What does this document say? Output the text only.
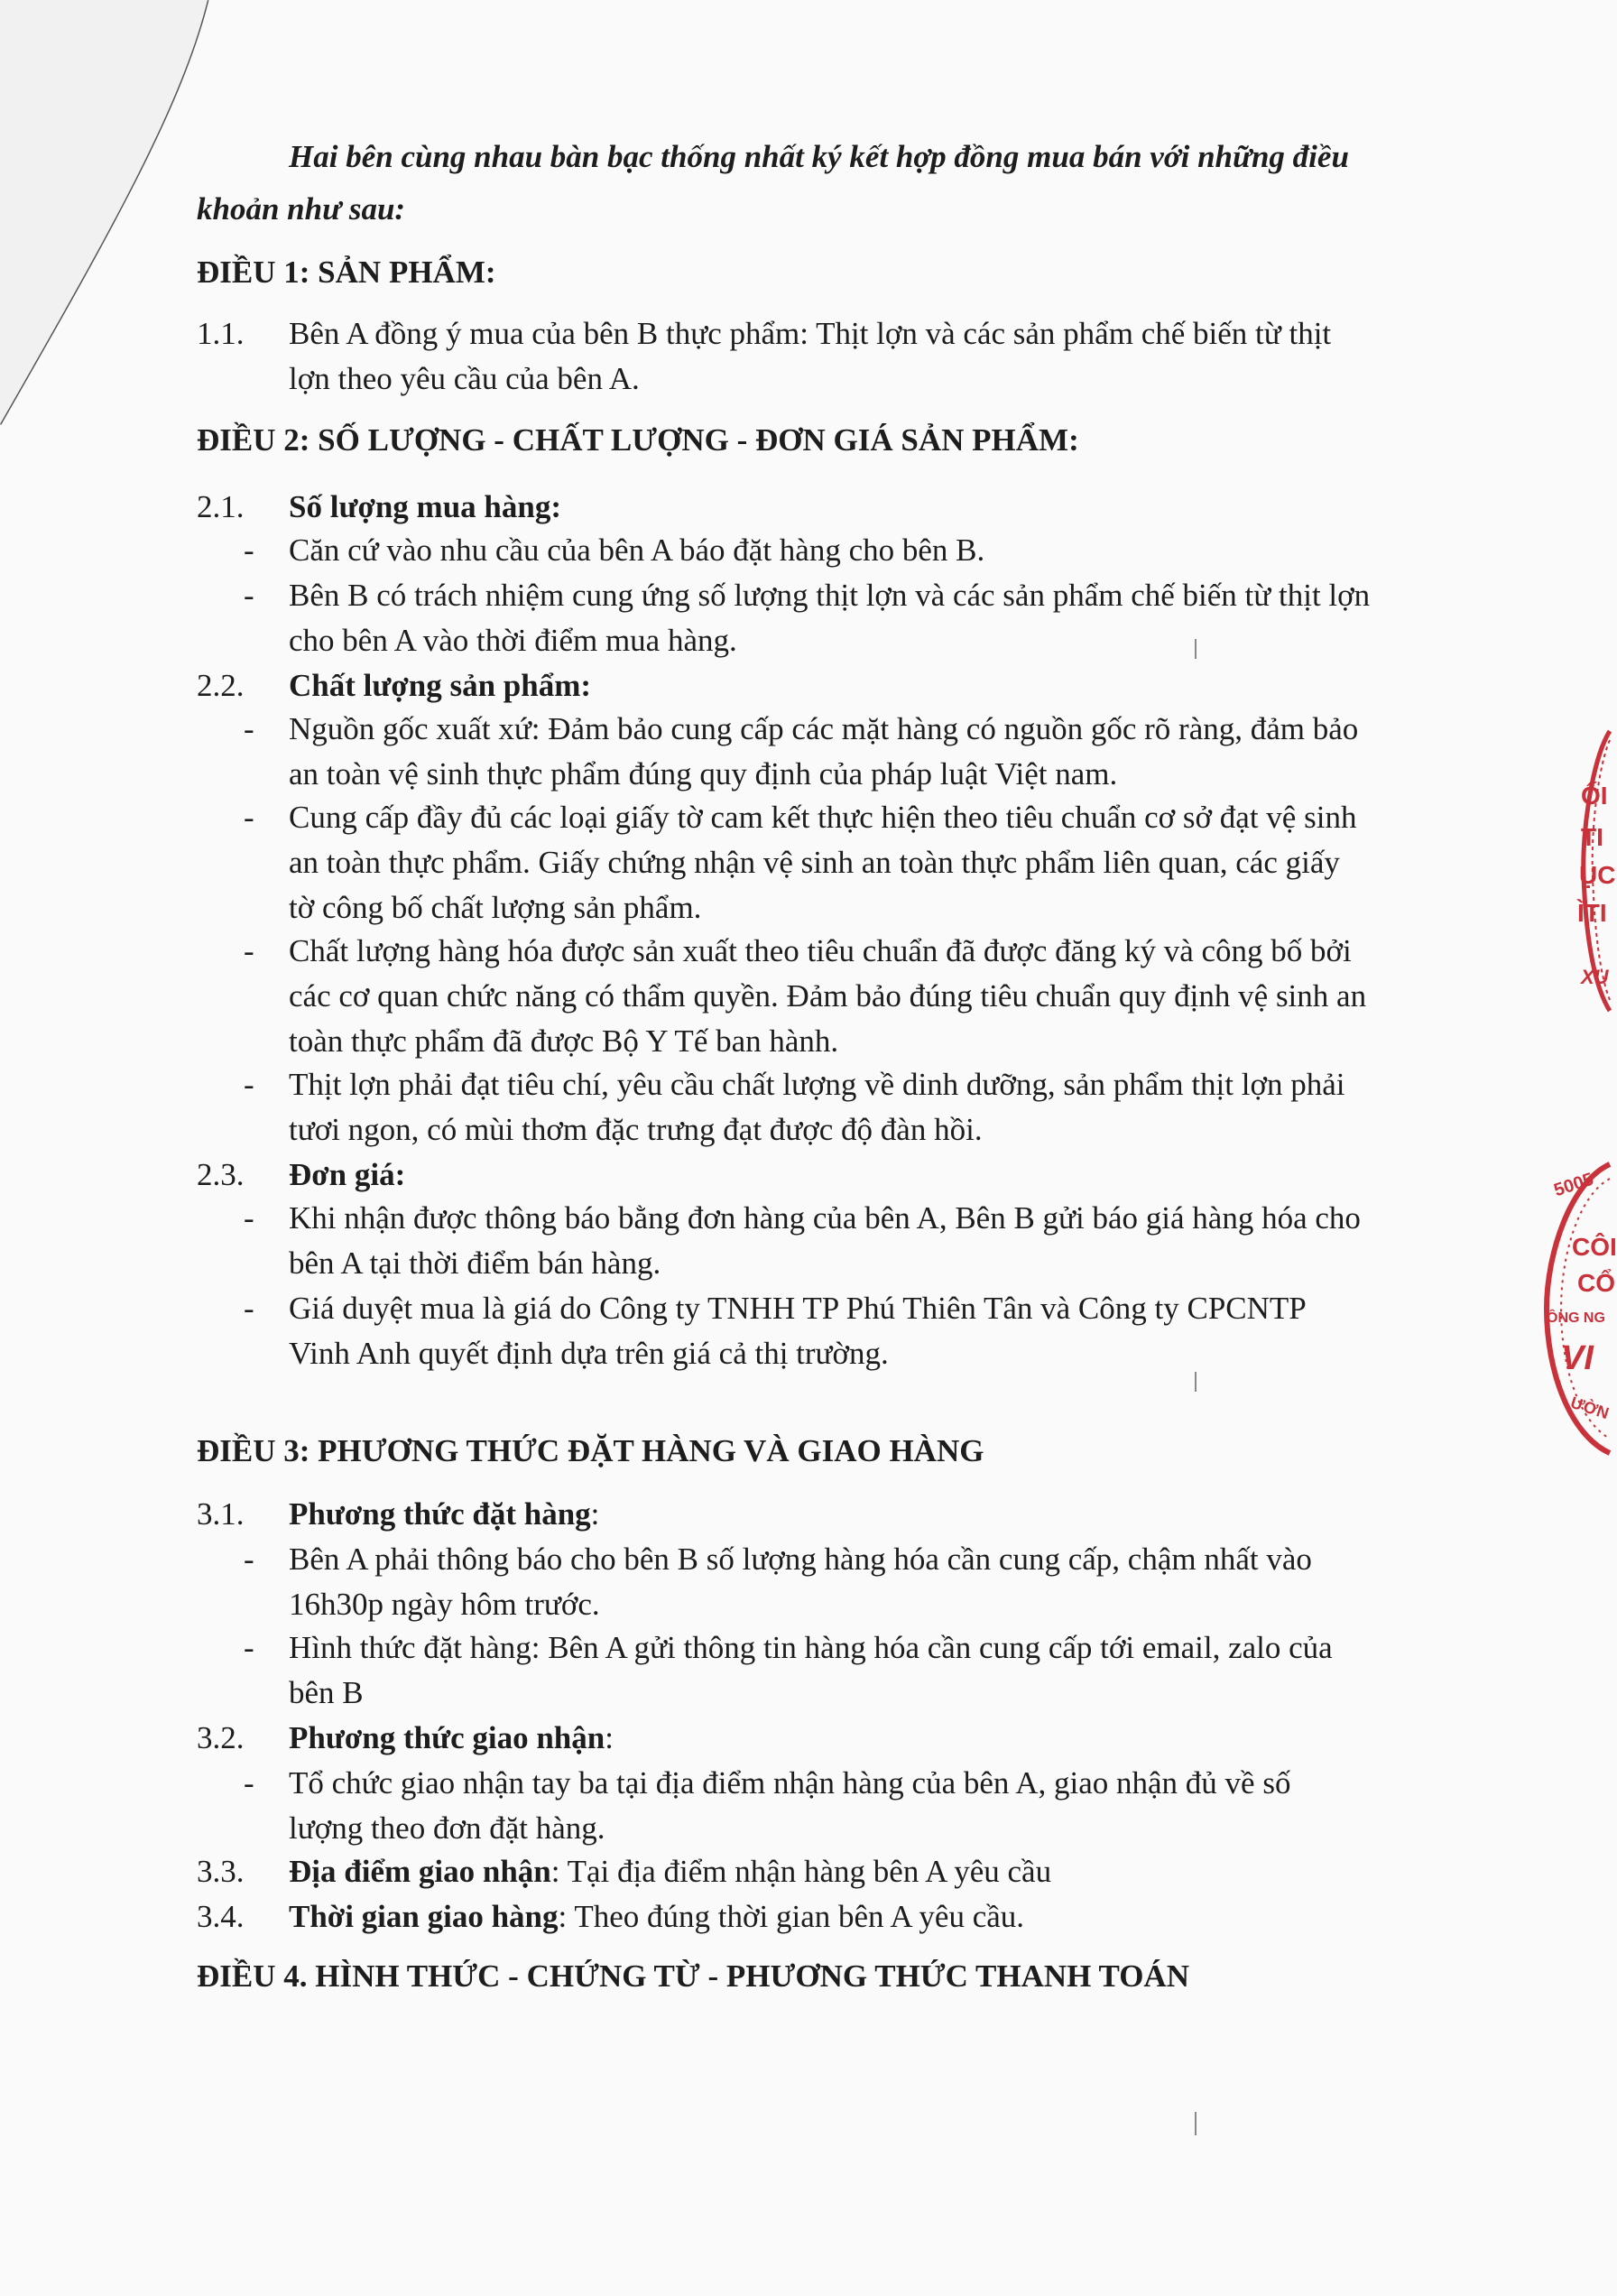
Hai bên cùng nhau bàn bạc thống nhất ký kết hợp đồng mua bán với những điều
khoản như sau:
ĐIỀU 1: SẢN PHẨM:
1.1. Bên A đồng ý mua của bên B thực phẩm: Thịt lợn và các sản phẩm chế biến từ thịt
lợn theo yêu cầu của bên A.
ĐIỀU 2: SỐ LƯỢNG - CHẤT LƯỢNG - ĐƠN GIÁ SẢN PHẨM:
2.1. Số lượng mua hàng:
- Căn cứ vào nhu cầu của bên A báo đặt hàng cho bên B.
- Bên B có trách nhiệm cung ứng số lượng thịt lợn và các sản phẩm chế biến từ thịt lợn
cho bên A vào thời điểm mua hàng.
2.2. Chất lượng sản phẩm:
- Nguồn gốc xuất xứ: Đảm bảo cung cấp các mặt hàng có nguồn gốc rõ ràng, đảm bảo
an toàn vệ sinh thực phẩm đúng quy định của pháp luật Việt nam.
- Cung cấp đầy đủ các loại giấy tờ cam kết thực hiện theo tiêu chuẩn cơ sở đạt vệ sinh
an toàn thực phẩm. Giấy chứng nhận vệ sinh an toàn thực phẩm liên quan, các giấy
tờ công bố chất lượng sản phẩm.
- Chất lượng hàng hóa được sản xuất theo tiêu chuẩn đã được đăng ký và công bố bởi
các cơ quan chức năng có thẩm quyền. Đảm bảo đúng tiêu chuẩn quy định vệ sinh an
toàn thực phẩm đã được Bộ Y Tế ban hành.
- Thịt lợn phải đạt tiêu chí, yêu cầu chất lượng về dinh dưỡng, sản phẩm thịt lợn phải
tươi ngon, có mùi thơm đặc trưng đạt được độ đàn hồi.
2.3. Đơn giá:
- Khi nhận được thông báo bằng đơn hàng của bên A, Bên B gửi báo giá hàng hóa cho
bên A tại thời điểm bán hàng.
- Giá duyệt mua là giá do Công ty TNHH TP Phú Thiên Tân và Công ty CPCNTP
Vinh Anh quyết định dựa trên giá cả thị trường.
ĐIỀU 3: PHƯƠNG THỨC ĐẶT HÀNG VÀ GIAO HÀNG
3.1. Phương thức đặt hàng:
- Bên A phải thông báo cho bên B số lượng hàng hóa cần cung cấp, chậm nhất vào
16h30p ngày hôm trước.
- Hình thức đặt hàng: Bên A gửi thông tin hàng hóa cần cung cấp tới email, zalo của
bên B
3.2. Phương thức giao nhận:
- Tổ chức giao nhận tay ba tại địa điểm nhận hàng của bên A, giao nhận đủ về số
lượng theo đơn đặt hàng.
3.3. Địa điểm giao nhận: Tại địa điểm nhận hàng bên A yêu cầu
3.4. Thời gian giao hàng: Theo đúng thời gian bên A yêu cầu.
ĐIỀU 4. HÌNH THỨC - CHỨNG TỪ - PHƯƠNG THỨC THANH TOÁN
ỐI
TI
ỤC
ÌTI
XU
5005
CÔI
CỔ
ÔNG NG
VI
ƯỜN
